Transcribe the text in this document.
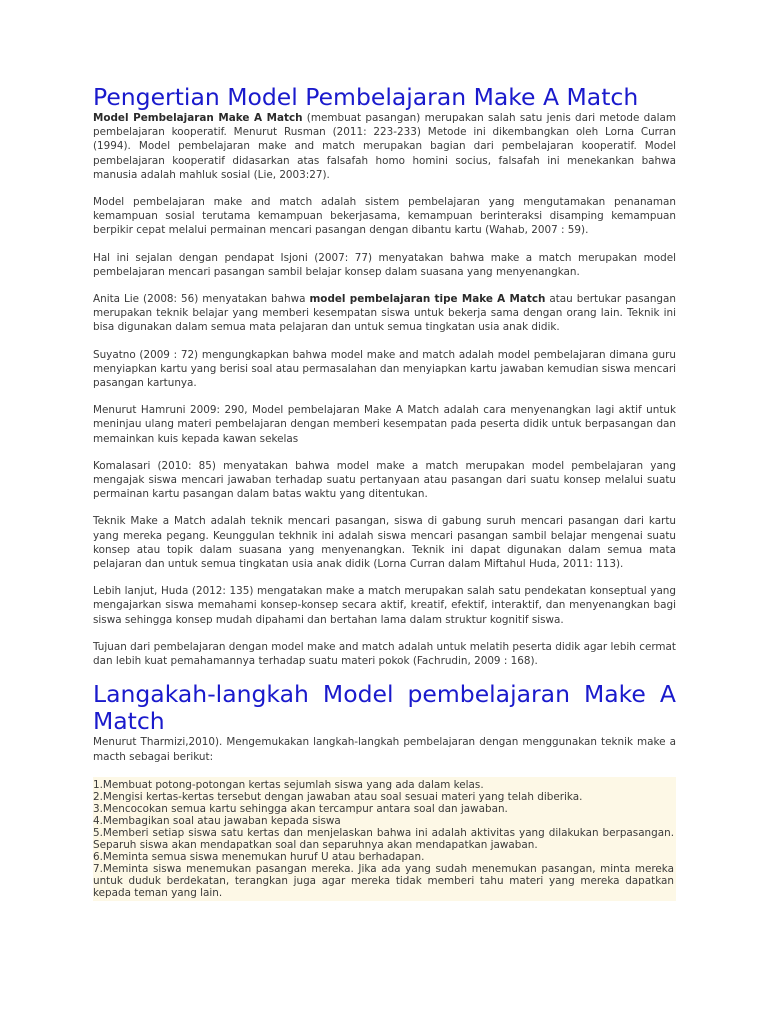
Pengertian Model Pembelajaran Make A Match

Model Pembelajaran Make A Match (membuat pasangan) merupakan salah satu jenis dari metode dalam pembelajaran kooperatif. Menurut Rusman (2011: 223-233) Metode ini dikembangkan oleh Lorna Curran (1994). Model pembelajaran make and match merupakan bagian dari pembelajaran kooperatif. Model pembelajaran kooperatif didasarkan atas falsafah homo homini socius, falsafah ini menekankan bahwa manusia adalah mahluk sosial (Lie, 2003:27).

Model pembelajaran make and match adalah sistem pembelajaran yang mengutamakan penanaman kemampuan sosial terutama kemampuan bekerjasama, kemampuan berinteraksi disamping kemampuan berpikir cepat melalui permainan mencari pasangan dengan dibantu kartu (Wahab, 2007 : 59).

Hal ini sejalan dengan pendapat Isjoni (2007: 77) menyatakan bahwa make a match merupakan model pembelajaran mencari pasangan sambil belajar konsep dalam suasana yang menyenangkan.

Anita Lie (2008: 56) menyatakan bahwa model pembelajaran tipe Make A Match atau bertukar pasangan merupakan teknik belajar yang memberi kesempatan siswa untuk bekerja sama dengan orang lain. Teknik ini bisa digunakan dalam semua mata pelajaran dan untuk semua tingkatan usia anak didik.

Suyatno (2009 : 72) mengungkapkan bahwa model make and match adalah model pembelajaran dimana guru menyiapkan kartu yang berisi soal atau permasalahan dan menyiapkan kartu jawaban kemudian siswa mencari pasangan kartunya.

Menurut Hamruni 2009: 290, Model pembelajaran Make A Match adalah cara menyenangkan lagi aktif untuk meninjau ulang materi pembelajaran dengan memberi kesempatan pada peserta didik untuk berpasangan dan memainkan kuis kepada kawan sekelas

Komalasari (2010: 85) menyatakan bahwa model make a match merupakan model pembelajaran yang mengajak siswa mencari jawaban terhadap suatu pertanyaan atau pasangan dari suatu konsep melalui suatu permainan kartu pasangan dalam batas waktu yang ditentukan.

Teknik Make a Match adalah teknik mencari pasangan, siswa di gabung suruh mencari pasangan dari kartu yang mereka pegang. Keunggulan tekhnik ini adalah siswa mencari pasangan sambil belajar mengenai suatu konsep atau topik dalam suasana yang menyenangkan. Teknik ini dapat digunakan dalam semua mata pelajaran dan untuk semua tingkatan usia anak didik (Lorna Curran dalam Miftahul Huda, 2011: 113).

Lebih lanjut, Huda (2012: 135) mengatakan make a match merupakan salah satu pendekatan konseptual yang mengajarkan siswa memahami konsep-konsep secara aktif, kreatif, efektif, interaktif, dan menyenangkan bagi siswa sehingga konsep mudah dipahami dan bertahan lama dalam struktur kognitif siswa.

Tujuan dari pembelajaran dengan model make and match adalah untuk melatih peserta didik agar lebih cermat dan lebih kuat pemahamannya terhadap suatu materi pokok (Fachrudin, 2009 : 168).

Langakah-langkah Model pembelajaran Make A Match

Menurut Tharmizi,2010). Mengemukakan langkah-langkah pembelajaran dengan menggunakan teknik make a macth sebagai berikut:

1.Membuat potong-potongan kertas sejumlah siswa yang ada dalam kelas.
2.Mengisi kertas-kertas tersebut dengan jawaban atau soal sesuai materi yang telah diberika.
3.Mencocokan semua kartu sehingga akan tercampur antara soal dan jawaban.
4.Membagikan soal atau jawaban kepada siswa
5.Memberi setiap siswa satu kertas dan menjelaskan bahwa ini adalah aktivitas yang dilakukan berpasangan. Separuh siswa akan mendapatkan soal dan separuhnya akan mendapatkan jawaban.
6.Meminta semua siswa menemukan huruf U atau berhadapan.
7.Meminta siswa menemukan pasangan mereka. Jika ada yang sudah menemukan pasangan, minta mereka untuk duduk berdekatan, terangkan juga agar mereka tidak memberi tahu materi yang mereka dapatkan kepada teman yang lain.
